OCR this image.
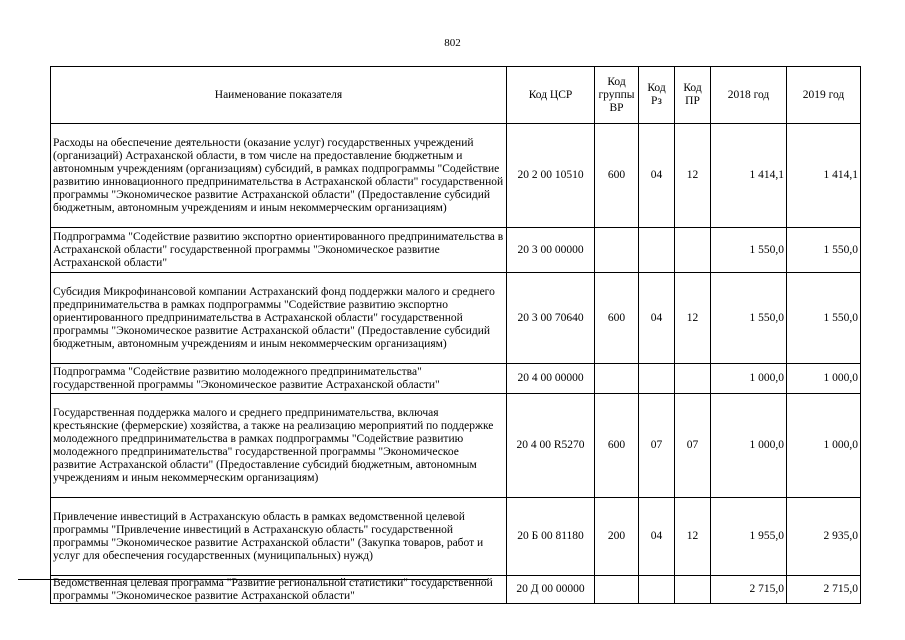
802
Наименование показателя	Код ЦСР	Код группы ВР	Код Рз	Код ПР	2018 год	2019 год
Расходы на обеспечение деятельности (оказание услуг) государственных учреждений (организаций) Астраханской области, в том числе на предоставление бюджетным и автономным учреждениям (организациям) субсидий, в рамках подпрограммы "Содействие развитию инновационного предпринимательства в Астраханской области" государственной программы "Экономическое развитие Астраханской области" (Предоставление субсидий бюджетным, автономным учреждениям и иным некоммерческим организациям)	20 2 00 10510	600	04	12	1 414,1	1 414,1
Подпрограмма "Содействие развитию экспортно ориентированного предпринимательства в Астраханской области" государственной программы "Экономическое развитие Астраханской области"	20 3 00 00000				1 550,0	1 550,0
Субсидия Микрофинансовой компании Астраханский фонд поддержки малого и среднего предпринимательства в рамках подпрограммы "Содействие развитию экспортно ориентированного предпринимательства в Астраханской области" государственной программы "Экономическое развитие Астраханской области" (Предоставление субсидий бюджетным, автономным учреждениям и иным некоммерческим организациям)	20 3 00 70640	600	04	12	1 550,0	1 550,0
Подпрограмма "Содействие развитию молодежного предпринимательства" государственной программы "Экономическое развитие Астраханской области"	20 4 00 00000				1 000,0	1 000,0
Государственная поддержка малого и среднего предпринимательства, включая крестьянские (фермерские) хозяйства, а также на реализацию мероприятий по поддержке молодежного предпринимательства в рамках подпрограммы "Содействие развитию молодежного предпринимательства" государственной программы "Экономическое развитие Астраханской области" (Предоставление субсидий бюджетным, автономным учреждениям и иным некоммерческим организациям)	20 4 00 R5270	600	07	07	1 000,0	1 000,0
Привлечение инвестиций в Астраханскую область в рамках ведомственной целевой программы "Привлечение инвестиций в Астраханскую область" государственной программы "Экономическое развитие Астраханской области" (Закупка товаров, работ и услуг для обеспечения государственных (муниципальных) нужд)	20 Б 00 81180	200	04	12	1 955,0	2 935,0
Ведомственная целевая программа "Развитие региональной статистики" государственной программы "Экономическое развитие Астраханской области"	20 Д 00 00000				2 715,0	2 715,0
